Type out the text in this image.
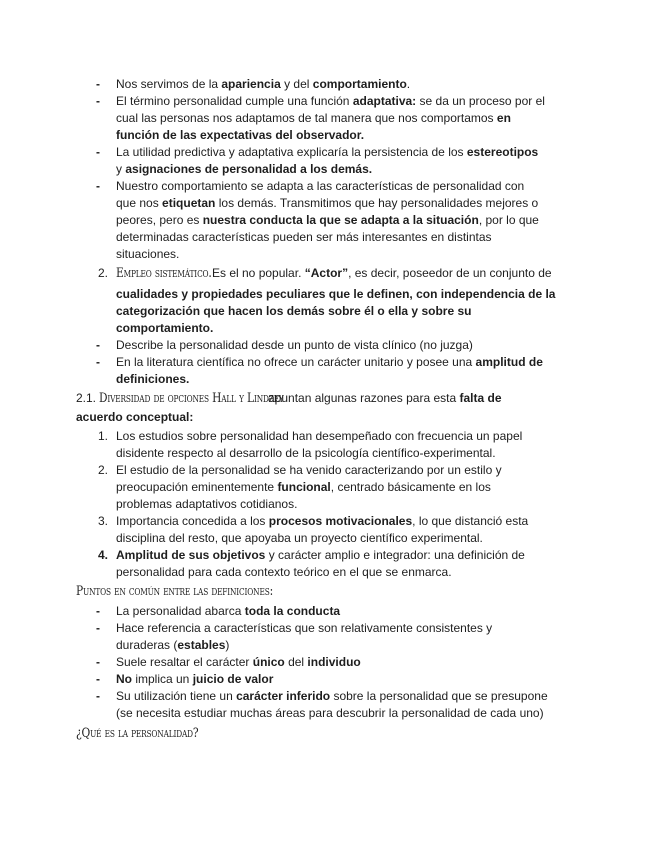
- Nos servimos de la apariencia y del comportamiento.
- El término personalidad cumple una función adaptativa: se da un proceso por el
cual las personas nos adaptamos de tal manera que nos comportamos en
función de las expectativas del observador.
- La utilidad predictiva y adaptativa explicaría la persistencia de los estereotipos
y asignaciones de personalidad a los demás.
- Nuestro comportamiento se adapta a las características de personalidad con
que nos etiquetan los demás. Transmitimos que hay personalidades mejores o
peores, pero es nuestra conducta la que se adapta a la situación, por lo que
determinadas características pueden ser más interesantes en distintas
situaciones.
2. Empleo sistemático. Es el no popular. “Actor”, es decir, poseedor de un conjunto de
cualidades y propiedades peculiares que le definen, con independencia de la
categorización que hacen los demás sobre él o ella y sobre su
comportamiento.
- Describe la personalidad desde un punto de vista clínico (no juzga)
- En la literatura científica no ofrece un carácter unitario y posee una amplitud de
definiciones.
2.1. Diversidad de opciones Hall y Lindzey
apuntan algunas razones para esta falta de
acuerdo conceptual:
1. Los estudios sobre personalidad han desempeñado con frecuencia un papel
disidente respecto al desarrollo de la psicología científico-experimental.
2. El estudio de la personalidad se ha venido caracterizando por un estilo y
preocupación eminentemente funcional, centrado básicamente en los
problemas adaptativos cotidianos.
3. Importancia concedida a los procesos motivacionales, lo que distanció esta
disciplina del resto, que apoyaba un proyecto científico experimental.
4. Amplitud de sus objetivos y carácter amplio e integrador: una definición de
personalidad para cada contexto teórico en el que se enmarca.
Puntos en común entre las definiciones:
- La personalidad abarca toda la conducta
- Hace referencia a características que son relativamente consistentes y
duraderas (estables)
- Suele resaltar el carácter único del individuo
- No implica un juicio de valor
- Su utilización tiene un carácter inferido sobre la personalidad que se presupone
(se necesita estudiar muchas áreas para descubrir la personalidad de cada uno)
¿Qué es la personalidad?
